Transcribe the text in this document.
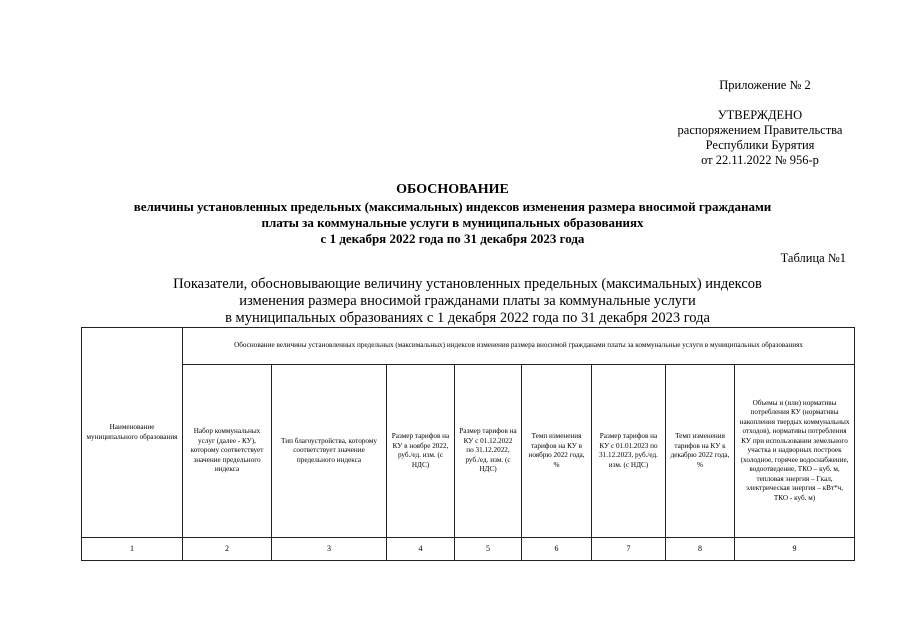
Приложение № 2
УТВЕРЖДЕНО
распоряжением Правительства
Республики Бурятия
от 22.11.2022 № 956-р
ОБОСНОВАНИЕ
величины установленных предельных (максимальных) индексов изменения размера вносимой гражданами
платы за коммунальные услуги в муниципальных образованиях
с 1 декабря 2022 года по 31 декабря 2023 года
Таблица №1
Показатели, обосновывающие величину установленных предельных (максимальных) индексов
изменения размера вносимой гражданами платы за коммунальные услуги
в муниципальных образованиях с 1 декабря 2022 года по 31 декабря 2023 года
Наименование муниципального образования	Обоснование величины установленных предельных (максимальных) индексов изменения размера вносимой гражданами платы за коммунальные услуги в муниципальных образованиях							
	Набор коммунальных услуг (далее - КУ), которому соответствует значение предельного индекса	Тип благоустройства, которому соответствует значение предельного индекса	Размер тарифов на КУ в ноябре 2022, руб./ед. изм. (с НДС)	Размер тарифов на КУ с 01.12.2022 по 31.12.2022, руб./ед. изм. (с НДС)	Темп изменения тарифов на КУ в ноябрю 2022 года, %	Размер тарифов на КУ с 01.01.2023 по 31.12.2023, руб./ед. изм. (с НДС)	Темп изменения тарифов на КУ к декабрю 2022 года, %	Объемы и (или) нормативы потребления КУ (нормативы накопления твердых коммунальных отходов), нормативы потребления КУ при использовании земельного участка и надворных построек (холодное, горячее водоснабжение, водоотведение, ТКО – куб. м, тепловая энергия – Гкал, электрическая энергия – кВт*ч, ТКО - куб. м)
1	2	3	4	5	6	7	8	9
